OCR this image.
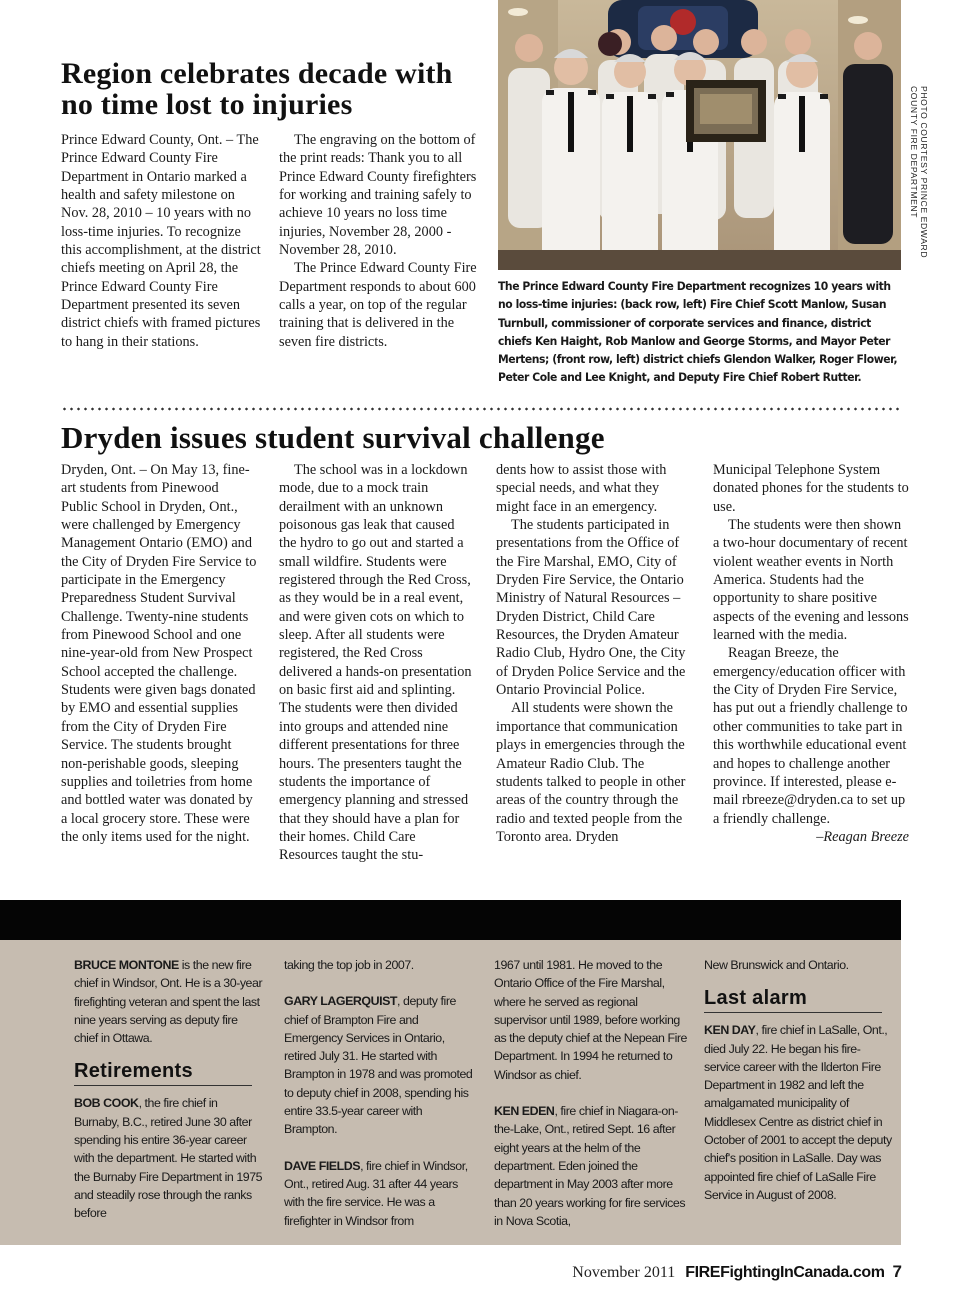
Region celebrates decade with no time lost to injuries

Prince Edward County, Ont. – The Prince Edward County Fire Department in Ontario marked a health and safety milestone on Nov. 28, 2010 – 10 years with no loss-time injuries. To recognize this accomplishment, at the district chiefs meeting on April 28, the Prince Edward County Fire Department presented its seven district chiefs with framed pictures to hang in their stations.

The engraving on the bottom of the print reads: Thank you to all Prince Edward County firefighters for working and training safely to achieve 10 years no loss time injuries, November 28, 2000 - November 28, 2010.

The Prince Edward County Fire Department responds to about 600 calls a year, on top of the regular training that is delivered in the seven fire districts.

PHOTO COURTESY PRINCE EDWARD COUNTY FIRE DEPARTMENT
The Prince Edward County Fire Department recognizes 10 years with no loss-time injuries: (back row, left) Fire Chief Scott Manlow, Susan Turnbull, commissioner of corporate services and finance, district chiefs Ken Haight, Rob Manlow and George Storms, and Mayor Peter Mertens; (front row, left) district chiefs Glendon Walker, Roger Flower, Peter Cole and Lee Knight, and Deputy Fire Chief Robert Rutter.
Dryden issues student survival challenge

Dryden, Ont. – On May 13, fine-art students from Pinewood Public School in Dryden, Ont., were challenged by Emergency Management Ontario (EMO) and the City of Dryden Fire Service to participate in the Emergency Preparedness Student Survival Challenge. Twenty-nine students from Pinewood School and one nine-year-old from New Prospect School accepted the challenge. Students were given bags donated by EMO and essential supplies from the City of Dryden Fire Service. The students brought non-perishable goods, sleeping supplies and toiletries from home and bottled water was donated by a local grocery store. These were the only items used for the night.

The school was in a lockdown mode, due to a mock train derailment with an unknown poisonous gas leak that caused the hydro to go out and started a small wildfire. Students were registered through the Red Cross, as they would be in a real event, and were given cots on which to sleep. After all students were registered, the Red Cross delivered a hands-on presentation on basic first aid and splinting. The students were then divided into groups and attended nine different presentations for three hours. The presenters taught the students the importance of emergency planning and stressed that they should have a plan for their homes. Child Care Resources taught the stu-

dents how to assist those with special needs, and what they might face in an emergency.

The students participated in presentations from the Office of the Fire Marshal, EMO, City of Dryden Fire Service, the Ontario Ministry of Natural Resources – Dryden District, Child Care Resources, the Dryden Amateur Radio Club, Hydro One, the City of Dryden Police Service and the Ontario Provincial Police.

All students were shown the importance that communication plays in emergencies through the Amateur Radio Club. The students talked to people in other areas of the country through the radio and texted people from the Toronto area. Dryden

Municipal Telephone System donated phones for the students to use.

The students were then shown a two-hour documentary of recent violent weather events in North America. Students had the opportunity to share positive aspects of the evening and lessons learned with the media.

Reagan Breeze, the emergency/education officer with the City of Dryden Fire Service, has put out a friendly challenge to other communities to take part in this worthwhile educational event and hopes to challenge another province. If interested, please e-mail rbreeze@dryden.ca to set up a friendly challenge.

–Reagan Breeze

BRUCE MONTONE is the new fire chief in Windsor, Ont. He is a 30-year firefighting veteran and spent the last nine years serving as deputy fire chief in Ottawa.

Retirements

BOB COOK, the fire chief in Burnaby, B.C., retired June 30 after spending his entire 36-year career with the department. He started with the Burnaby Fire Department in 1975 and steadily rose through the ranks before

taking the top job in 2007.

GARY LAGERQUIST, deputy fire chief of Brampton Fire and Emergency Services in Ontario, retired July 31. He started with Brampton in 1978 and was promoted to deputy chief in 2008, spending his entire 33.5-year career with Brampton.

DAVE FIELDS, fire chief in Windsor, Ont., retired Aug. 31 after 44 years with the fire service. He was a firefighter in Windsor from

1967 until 1981. He moved to the Ontario Office of the Fire Marshal, where he served as regional supervisor until 1989, before working as the deputy chief at the Nepean Fire Department. In 1994 he returned to Windsor as chief.

KEN EDEN, fire chief in Niagara-on-the-Lake, Ont., retired Sept. 16 after eight years at the helm of the department. Eden joined the department in May 2003 after more than 20 years working for fire services in Nova Scotia,

New Brunswick and Ontario.

Last alarm

KEN DAY, fire chief in LaSalle, Ont., died July 22. He began his fire-service career with the Ilderton Fire Department in 1982 and left the amalgamated municipality of Middlesex Centre as district chief in October of 2001 to accept the deputy chief's position in LaSalle. Day was appointed fire chief of LaSalle Fire Service in August of 2008.

November 2011 FIREFightingInCanada.com 7
